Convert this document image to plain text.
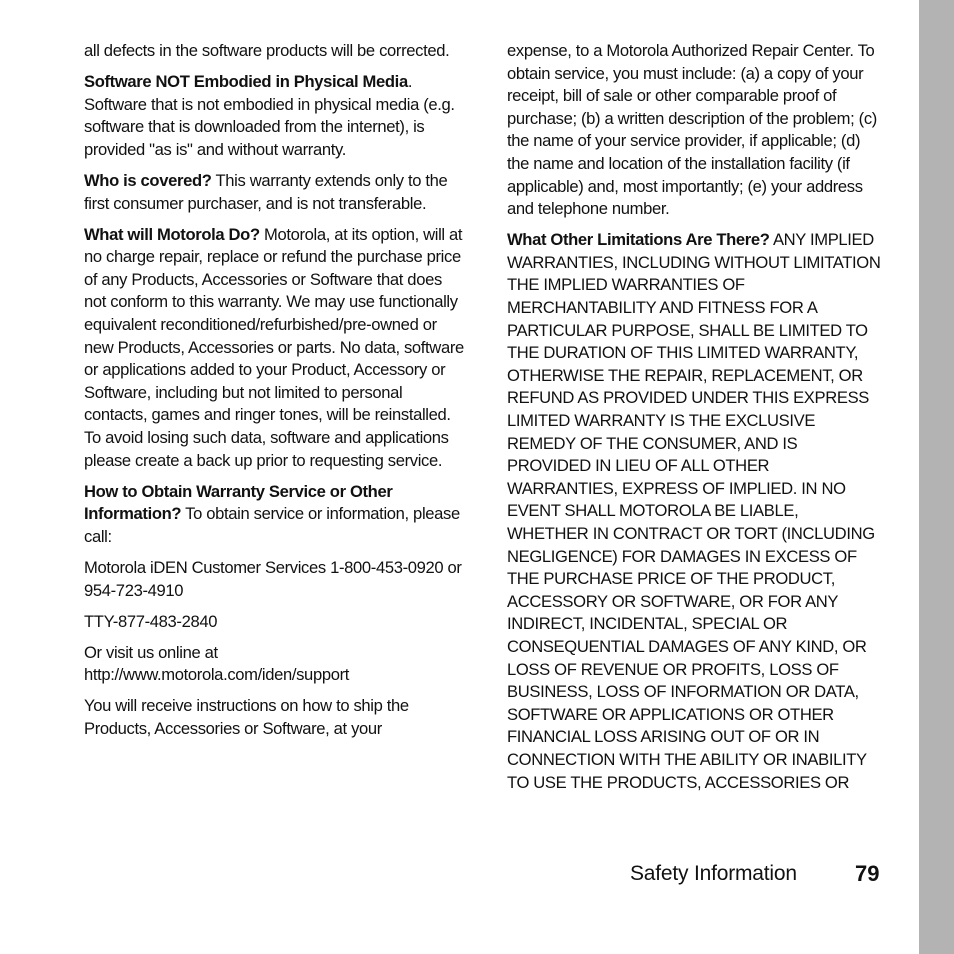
all defects in the software products will be corrected.

Software NOT Embodied in Physical Media. Software that is not embodied in physical media (e.g. software that is downloaded from the internet), is provided "as is" and without warranty.

Who is covered? This warranty extends only to the first consumer purchaser, and is not transferable.

What will Motorola Do? Motorola, at its option, will at no charge repair, replace or refund the purchase price of any Products, Accessories or Software that does not conform to this warranty. We may use functionally equivalent reconditioned/refurbished/pre-owned or new Products, Accessories or parts. No data, software or applications added to your Product, Accessory or Software, including but not limited to personal contacts, games and ringer tones, will be reinstalled. To avoid losing such data, software and applications please create a back up prior to requesting service.

How to Obtain Warranty Service or Other Information? To obtain service or information, please call:

Motorola iDEN Customer Services 1-800-453-0920 or 954-723-4910

TTY-877-483-2840

Or visit us online at http://www.motorola.com/iden/support

You will receive instructions on how to ship the Products, Accessories or Software, at your

expense, to a Motorola Authorized Repair Center. To obtain service, you must include: (a) a copy of your receipt, bill of sale or other comparable proof of purchase; (b) a written description of the problem; (c) the name of your service provider, if applicable; (d) the name and location of the installation facility (if applicable) and, most importantly; (e) your address and telephone number.

What Other Limitations Are There? ANY IMPLIED WARRANTIES, INCLUDING WITHOUT LIMITATION THE IMPLIED WARRANTIES OF MERCHANTABILITY AND FITNESS FOR A PARTICULAR PURPOSE, SHALL BE LIMITED TO THE DURATION OF THIS LIMITED WARRANTY, OTHERWISE THE REPAIR, REPLACEMENT, OR REFUND AS PROVIDED UNDER THIS EXPRESS LIMITED WARRANTY IS THE EXCLUSIVE REMEDY OF THE CONSUMER, AND IS PROVIDED IN LIEU OF ALL OTHER WARRANTIES, EXPRESS OF IMPLIED. IN NO EVENT SHALL MOTOROLA BE LIABLE, WHETHER IN CONTRACT OR TORT (INCLUDING NEGLIGENCE) FOR DAMAGES IN EXCESS OF THE PURCHASE PRICE OF THE PRODUCT, ACCESSORY OR SOFTWARE, OR FOR ANY INDIRECT, INCIDENTAL, SPECIAL OR CONSEQUENTIAL DAMAGES OF ANY KIND, OR LOSS OF REVENUE OR PROFITS, LOSS OF BUSINESS, LOSS OF INFORMATION OR DATA, SOFTWARE OR APPLICATIONS OR OTHER FINANCIAL LOSS ARISING OUT OF OR IN CONNECTION WITH THE ABILITY OR INABILITY TO USE THE PRODUCTS, ACCESSORIES OR

Safety Information	79
